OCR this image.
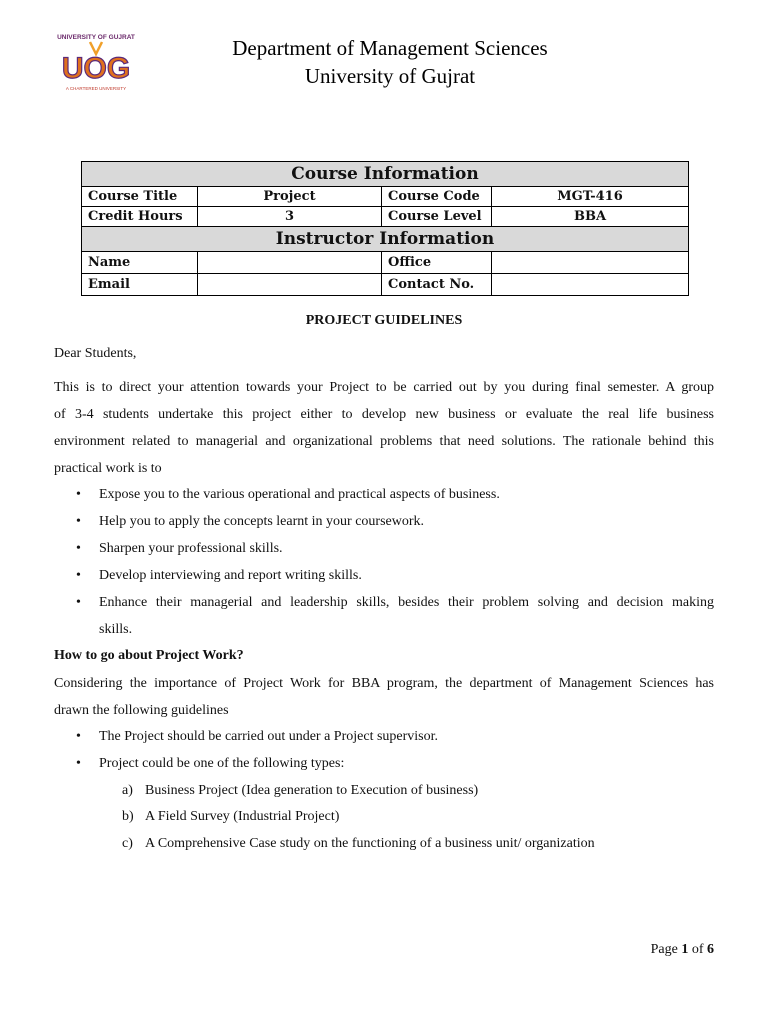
UNIVERSITY OF GUJRAT
UOG
A CHARTERED UNIVERSITY
Department of Management Sciences
University of Gujrat
Course Information			
Course Title	Project	Course Code	MGT-416
Credit Hours	3	Course Level	BBA
Instructor Information			
Name		Office	
Email		Contact No.	
PROJECT GUIDELINES
Dear Students,
This is to direct your attention towards your Project to be carried out by you during final semester. A group
of 3-4 students undertake this project either to develop new business or evaluate the real life business
environment related to managerial and organizational problems that need solutions. The rationale behind this
practical work is to
• Expose you to the various operational and practical aspects of business.
• Help you to apply the concepts learnt in your coursework.
• Sharpen your professional skills.
• Develop interviewing and report writing skills.
• Enhance their managerial and leadership skills, besides their problem solving and decision making
skills.
How to go about Project Work?
Considering the importance of Project Work for BBA program, the department of Management Sciences has
drawn the following guidelines
• The Project should be carried out under a Project supervisor.
• Project could be one of the following types:
a) Business Project (Idea generation to Execution of business)
b) A Field Survey (Industrial Project)
c) A Comprehensive Case study on the functioning of a business unit/ organization
Page 1 of 6
